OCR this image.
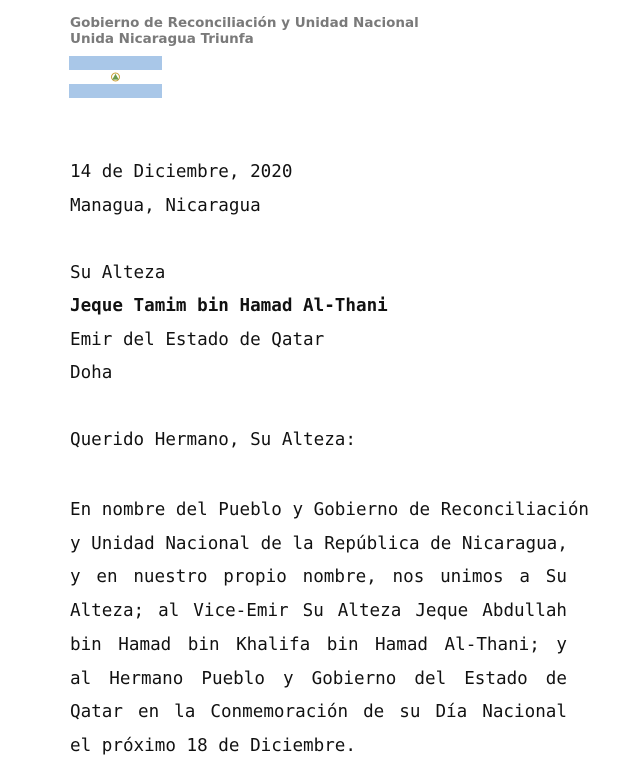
Gobierno de Reconciliación y Unidad Nacional
Unida Nicaragua Triunfa
14 de Diciembre, 2020
Managua, Nicaragua
Su Alteza
Jeque Tamim bin Hamad Al-Thani
Emir del Estado de Qatar
Doha
Querido Hermano, Su Alteza:
En nombre del Pueblo y Gobierno de Reconciliación
y Unidad Nacional de la República de Nicaragua,
y en nuestro propio nombre, nos unimos a Su
Alteza; al Vice-Emir Su Alteza Jeque Abdullah
bin Hamad bin Khalifa bin Hamad Al-Thani; y
al Hermano Pueblo y Gobierno del Estado de
Qatar en la Conmemoración de su Día Nacional
el próximo 18 de Diciembre.
